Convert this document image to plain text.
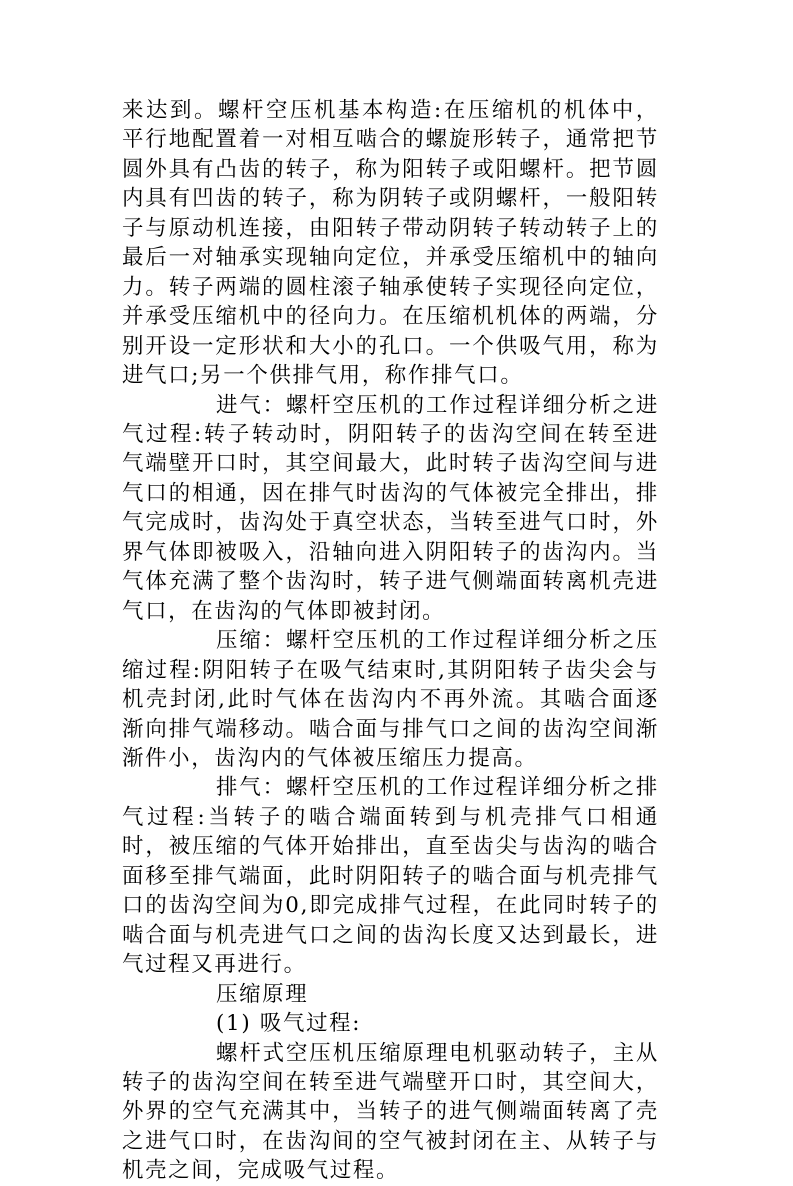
来达到。螺杆空压机基本构造:在压缩机的机体中，平行地配置着一对相互啮合的螺旋形转子，通常把节圆外具有凸齿的转子，称为阳转子或阳螺杆。把节圆内具有凹齿的转子，称为阴转子或阴螺杆，一般阳转子与原动机连接，由阳转子带动阴转子转动转子上的最后一对轴承实现轴向定位，并承受压缩机中的轴向力。转子两端的圆柱滚子轴承使转子实现径向定位，并承受压缩机中的径向力。在压缩机机体的两端，分别开设一定形状和大小的孔口。一个供吸气用，称为进气口;另一个供排气用，称作排气口。

进气：螺杆空压机的工作过程详细分析之进气过程:转子转动时，阴阳转子的齿沟空间在转至进气端壁开口时，其空间最大，此时转子齿沟空间与进气口的相通，因在排气时齿沟的气体被完全排出，排气完成时，齿沟处于真空状态，当转至进气口时，外界气体即被吸入，沿轴向进入阴阳转子的齿沟内。当气体充满了整个齿沟时，转子进气侧端面转离机壳进气口，在齿沟的气体即被封闭。

压缩：螺杆空压机的工作过程详细分析之压缩过程:阴阳转子在吸气结束时,其阴阳转子齿尖会与机壳封闭,此时气体在齿沟内不再外流。其啮合面逐渐向排气端移动。啮合面与排气口之间的齿沟空间渐渐件小，齿沟内的气体被压缩压力提高。

排气：螺杆空压机的工作过程详细分析之排气过程:当转子的啮合端面转到与机壳排气口相通时，被压缩的气体开始排出，直至齿尖与齿沟的啮合面移至排气端面，此时阴阳转子的啮合面与机壳排气口的齿沟空间为0,即完成排气过程，在此同时转子的啮合面与机壳进气口之间的齿沟长度又达到最长，进气过程又再进行。

压缩原理

(1) 吸气过程:

螺杆式空压机压缩原理电机驱动转子，主从转子的齿沟空间在转至进气端壁开口时，其空间大，外界的空气充满其中，当转子的进气侧端面转离了壳之进气口时，在齿沟间的空气被封闭在主、从转子与机壳之间，完成吸气过程。
